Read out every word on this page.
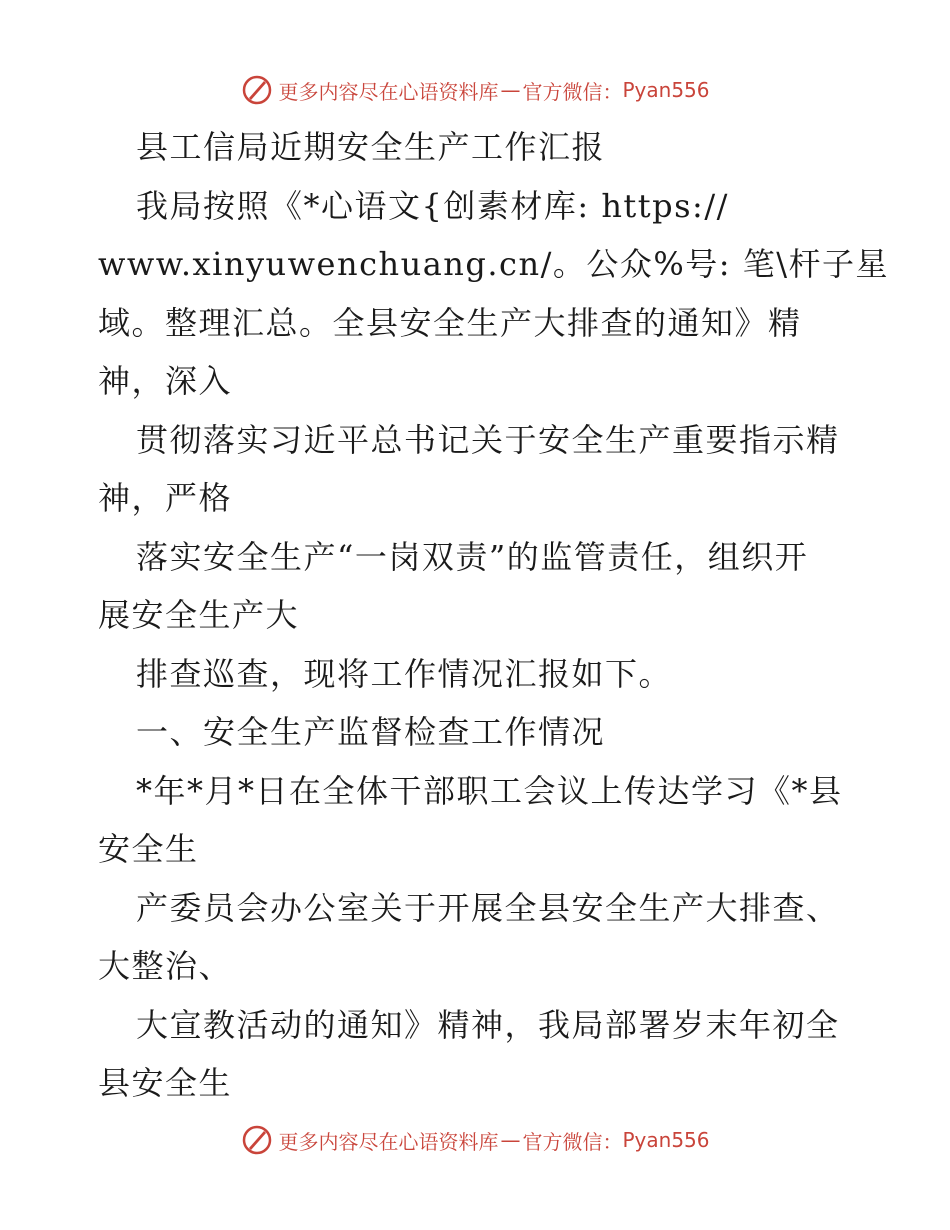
更多内容尽在心语资料库 — 官方微信： Pyan556
县工信局近期安全生产工作汇报
我局按照《*心语文{创素材库: https://
www.xinyuwenchuang.cn/。公众%号: 笔\杆子星
域。整理汇总。全县安全生产大排查的通知》精
神，深入
贯彻落实习近平总书记关于安全生产重要指示精
神，严格
落实安全生产“一岗双责”的监管责任，组织开
展安全生产大
排查巡查，现将工作情况汇报如下。
一、安全生产监督检查工作情况
*年*月*日在全体干部职工会议上传达学习《*县
安全生
产委员会办公室关于开展全县安全生产大排查、
大整治、
大宣教活动的通知》精神，我局部署岁末年初全
县安全生
更多内容尽在心语资料库 — 官方微信： Pyan556
